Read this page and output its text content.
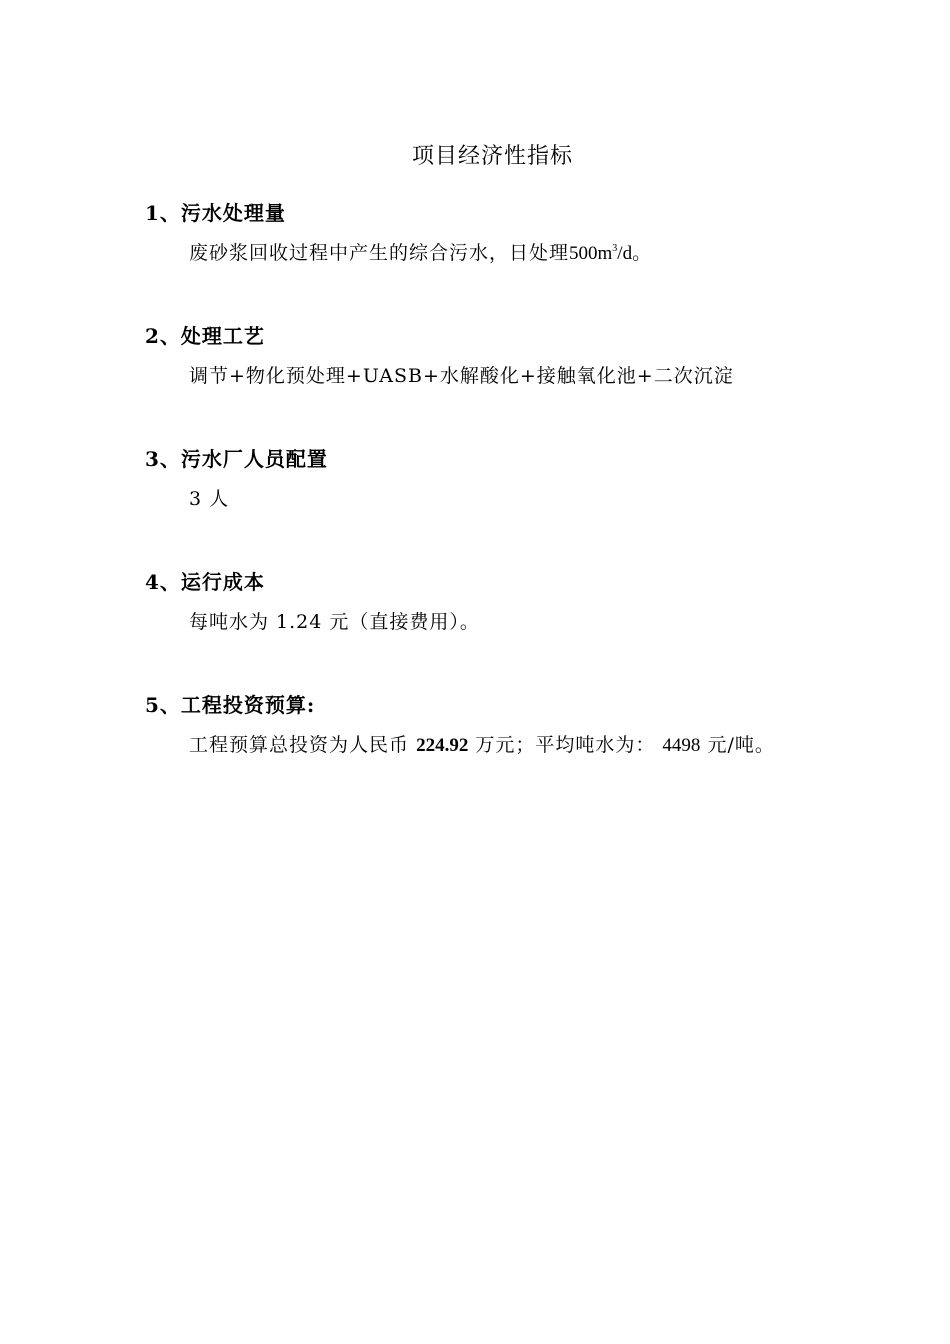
项目经济性指标
1、污水处理量
废砂浆回收过程中产生的综合污水，日处理$500m^3/d$。
2、处理工艺
调节+物化预处理+UASB+水解酸化+接触氧化池+二次沉淀
3、污水厂人员配置
3 人
4、运行成本
每吨水为 1.24 元（直接费用）。
5、工程投资预算:
工程预算总投资为人民币 224.92 万元；平均吨水为： 4498 元/吨。
